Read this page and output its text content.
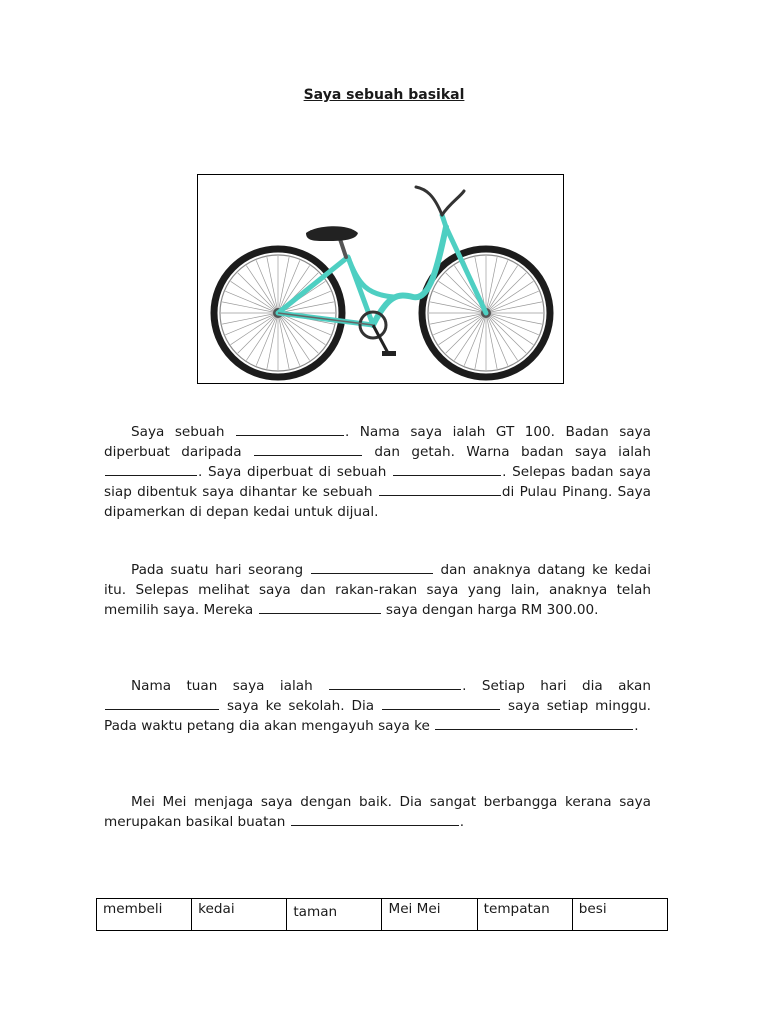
Saya sebuah basikal

Saya sebuah	. Nama saya ialah GT 100. Badan saya diperbuat daripada	dan getah. Warna badan saya ialah . Saya diperbuat di sebuah	. Selepas badan saya siap dibentuk saya dihantar ke sebuah	di Pulau Pinang. Saya dipamerkan di depan kedai untuk dijual.

Pada suatu hari seorang	dan anaknya datang ke kedai itu. Selepas melihat saya dan rakan-rakan saya yang lain, anaknya telah memilih saya. Mereka	saya dengan harga RM 300.00.

Nama tuan saya ialah	. Setiap hari dia akan  saya ke sekolah. Dia	saya setiap minggu. Pada waktu petang dia akan mengayuh saya ke	.

Mei Mei menjaga saya dengan baik. Dia sangat berbangga kerana saya merupakan basikal buatan	.

membeli	kedai	taman	Mei Mei	tempatan	besi
